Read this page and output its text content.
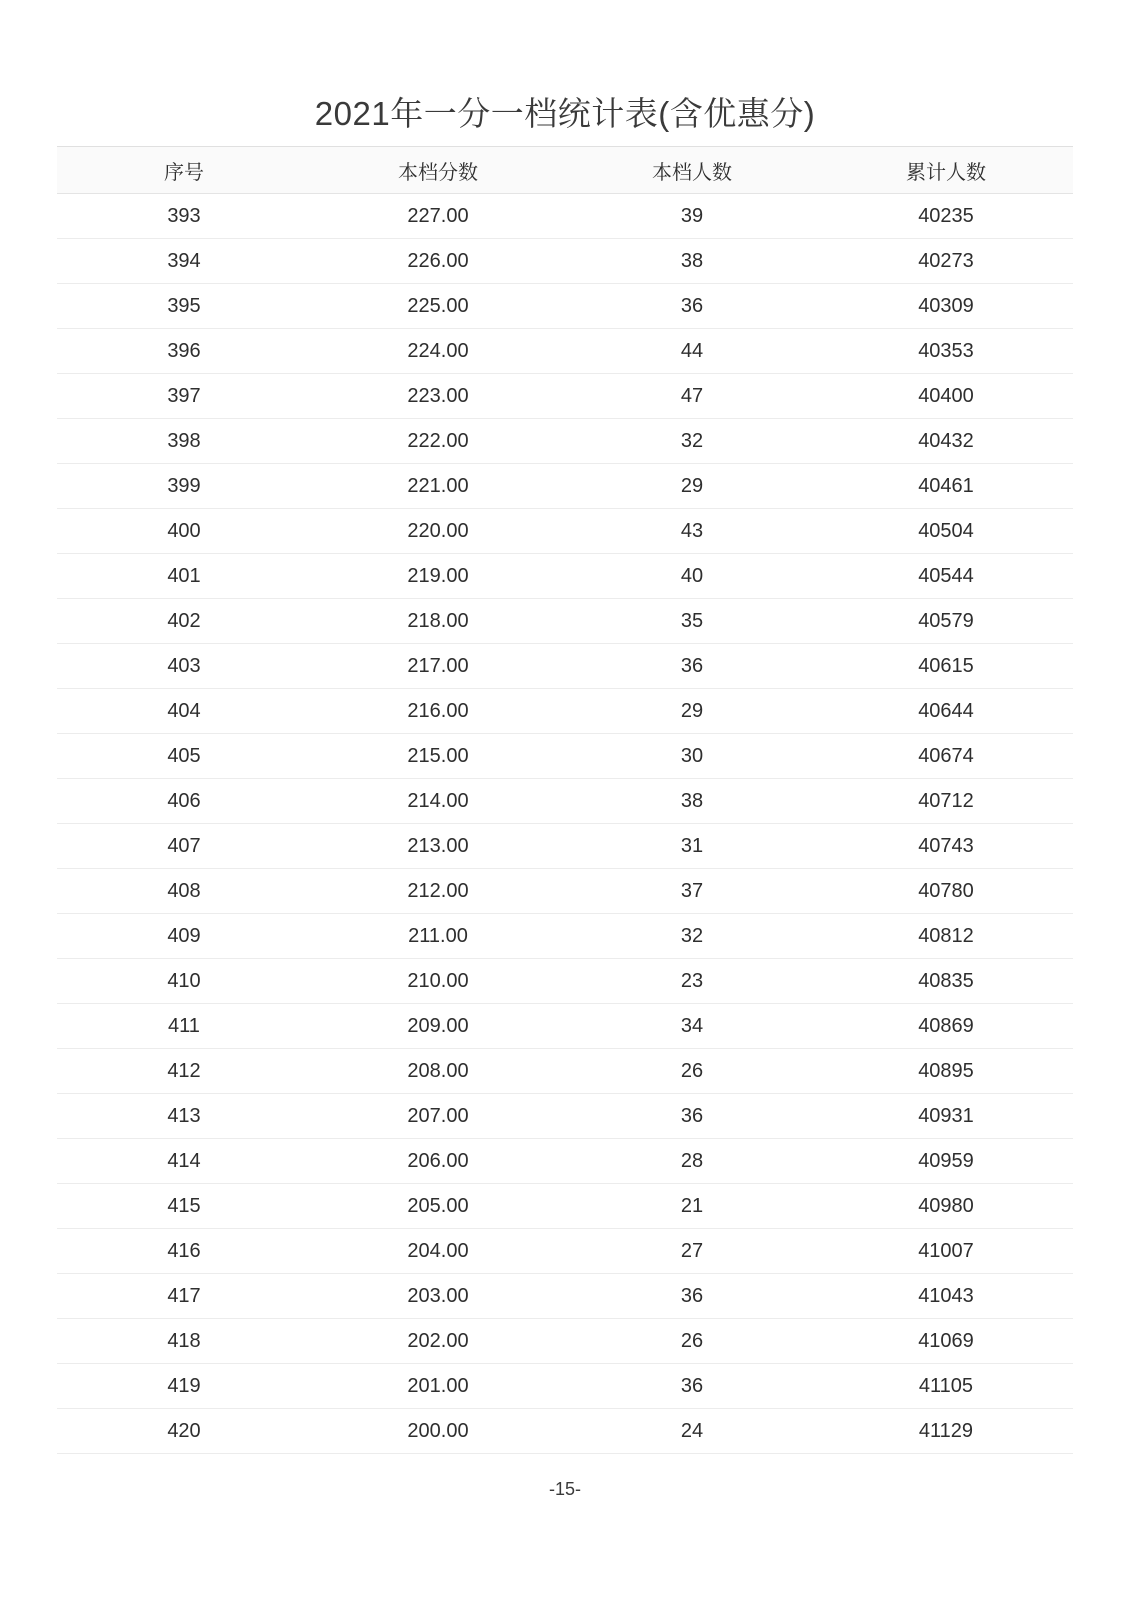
2021年一分一档统计表(含优惠分)
序号	本档分数	本档人数	累计人数
393	227.00	39	40235
394	226.00	38	40273
395	225.00	36	40309
396	224.00	44	40353
397	223.00	47	40400
398	222.00	32	40432
399	221.00	29	40461
400	220.00	43	40504
401	219.00	40	40544
402	218.00	35	40579
403	217.00	36	40615
404	216.00	29	40644
405	215.00	30	40674
406	214.00	38	40712
407	213.00	31	40743
408	212.00	37	40780
409	211.00	32	40812
410	210.00	23	40835
411	209.00	34	40869
412	208.00	26	40895
413	207.00	36	40931
414	206.00	28	40959
415	205.00	21	40980
416	204.00	27	41007
417	203.00	36	41043
418	202.00	26	41069
419	201.00	36	41105
420	200.00	24	41129
-15-
